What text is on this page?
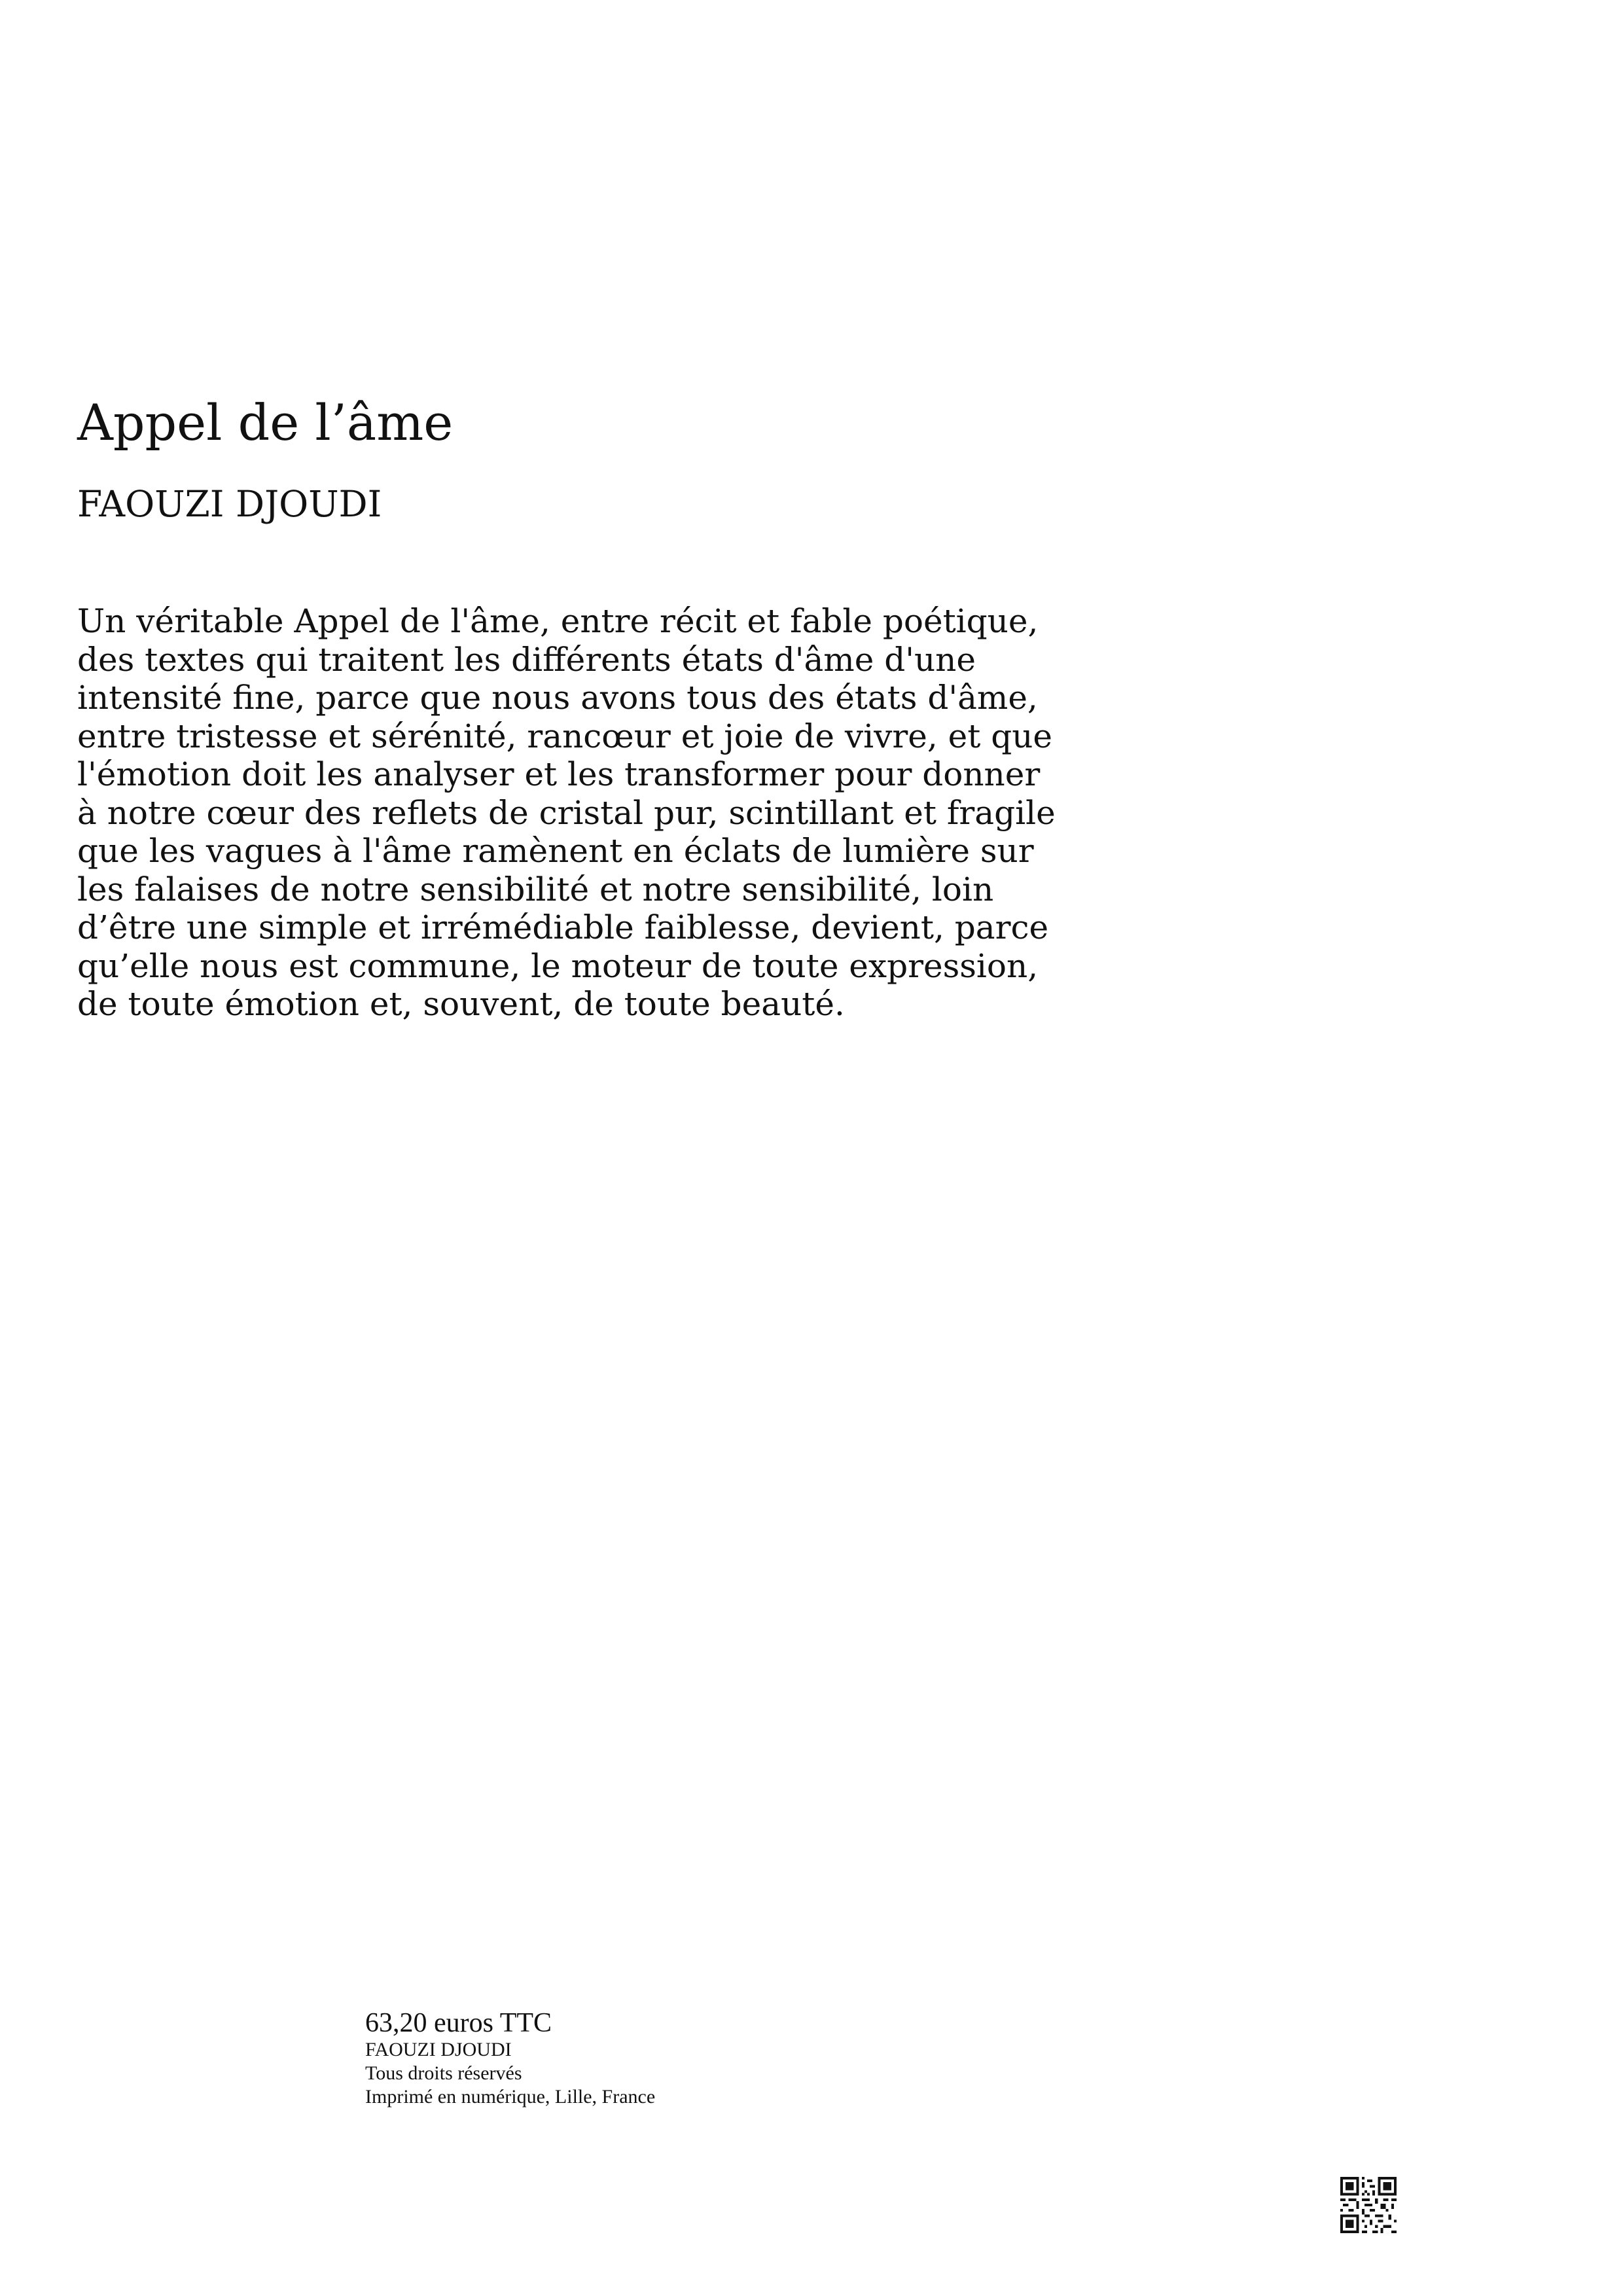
Appel de l’âme
FAOUZI DJOUDI

Un véritable Appel de l'âme, entre récit et fable poétique,
des textes qui traitent les différents états d'âme d'une
intensité fine, parce que nous avons tous des états d'âme,
entre tristesse et sérénité, rancœur et joie de vivre, et que
l'émotion doit les analyser et les transformer pour donner
à notre cœur des reflets de cristal pur, scintillant et fragile
que les vagues à l'âme ramènent en éclats de lumière sur
les falaises de notre sensibilité et notre sensibilité, loin
d’être une simple et irrémédiable faiblesse, devient, parce
qu’elle nous est commune, le moteur de toute expression,
de toute émotion et, souvent, de toute beauté.

63,20 euros TTC
FAOUZI DJOUDI
Tous droits réservés
Imprimé en numérique, Lille, France
